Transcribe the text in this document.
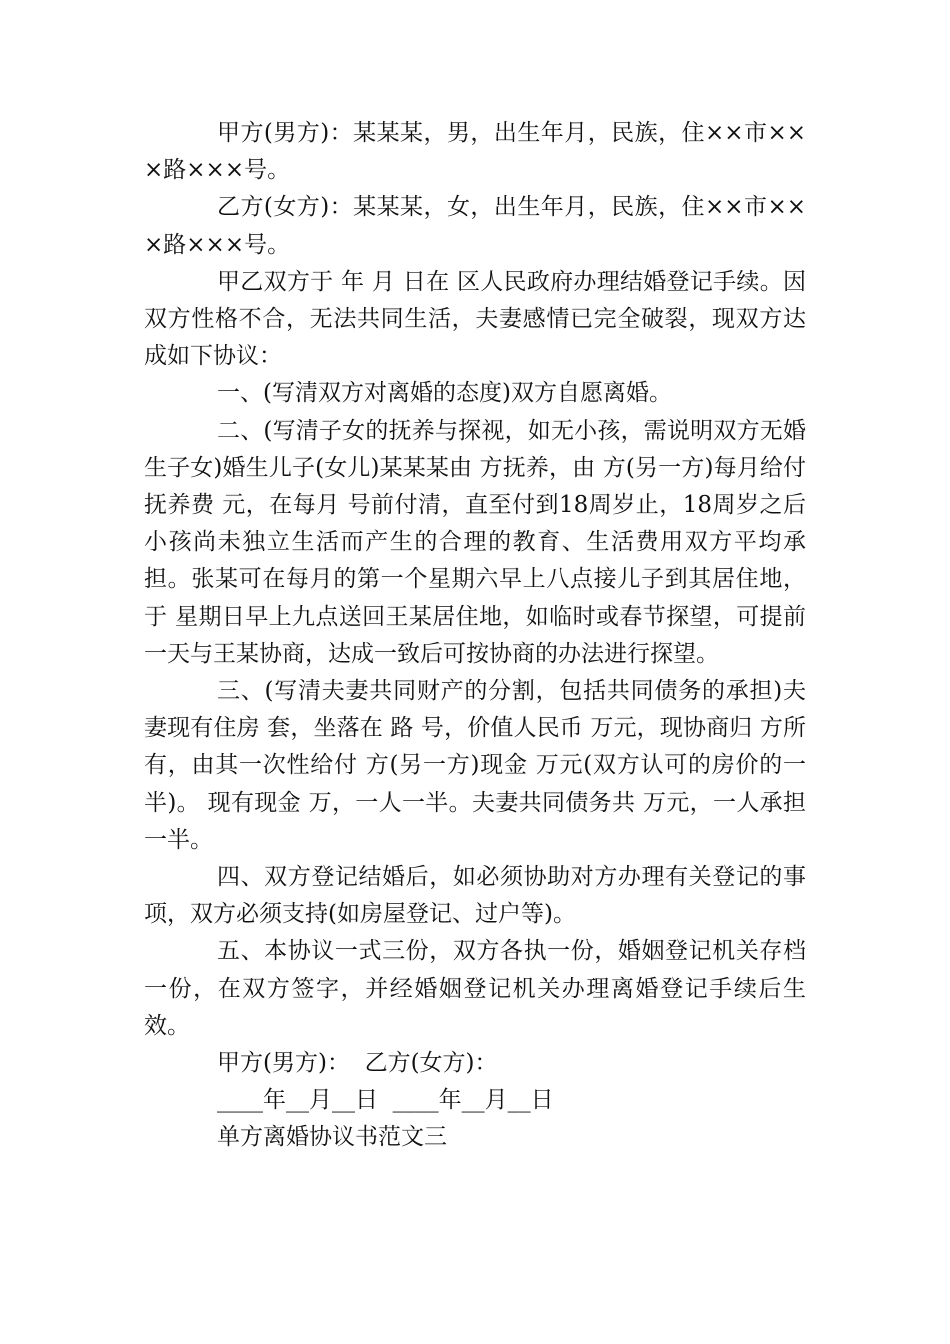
甲方(男方)：某某某，男，出生年月，民族，住××市×××路×××号。

乙方(女方)：某某某，女，出生年月，民族，住××市×××路×××号。

甲乙双方于 年 月 日在 区人民政府办理结婚登记手续。因双方性格不合，无法共同生活，夫妻感情已完全破裂，现双方达成如下协议：

一、(写清双方对离婚的态度)双方自愿离婚。

二、(写清子女的抚养与探视，如无小孩，需说明双方无婚生子女)婚生儿子(女儿)某某某由 方抚养，由 方(另一方)每月给付抚养费 元，在每月 号前付清，直至付到18周岁止，18周岁之后小孩尚未独立生活而产生的合理的教育、生活费用双方平均承担。张某可在每月的第一个星期六早上八点接儿子到其居住地，于 星期日早上九点送回王某居住地，如临时或春节探望，可提前一天与王某协商，达成一致后可按协商的办法进行探望。

三、(写清夫妻共同财产的分割，包括共同债务的承担)夫妻现有住房 套，坐落在 路 号，价值人民币 万元，现协商归 方所有，由其一次性给付 方(另一方)现金 万元(双方认可的房价的一半)。 现有现金 万，一人一半。夫妻共同债务共 万元，一人承担一半。

四、双方登记结婚后，如必须协助对方办理有关登记的事项，双方必须支持(如房屋登记、过户等)。

五、本协议一式三份，双方各执一份，婚姻登记机关存档一份，在双方签字，并经婚姻登记机关办理离婚登记手续后生效。

甲方(男方)：  乙方(女方)：

____年__月__日  ____年__月__日

单方离婚协议书范文三
